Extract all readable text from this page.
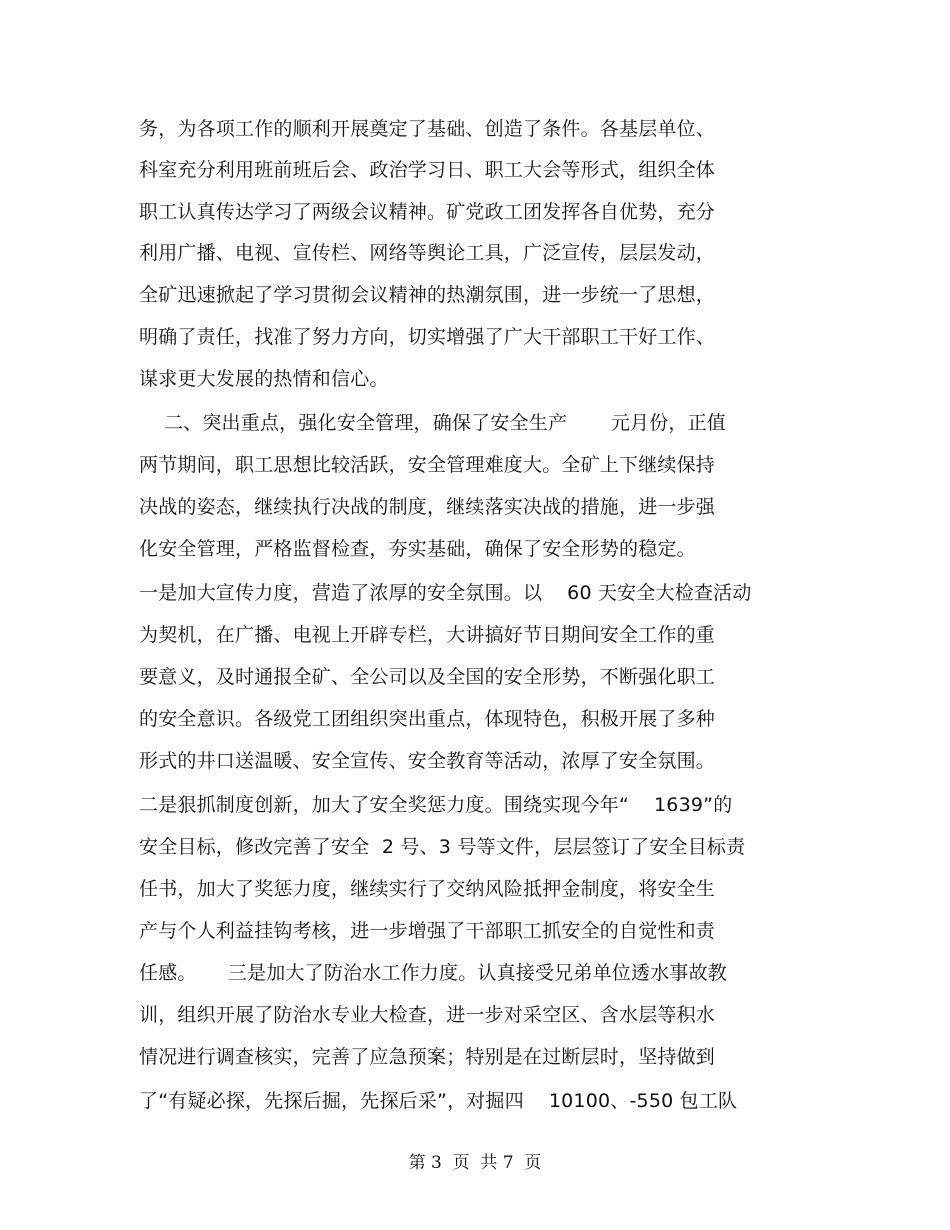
务，为各项工作的顺利开展奠定了基础、创造了条件。各基层单位、
科室充分利用班前班后会、政治学习日、职工大会等形式，组织全体
职工认真传达学习了两级会议精神。矿党政工团发挥各自优势，充分
利用广播、电视、宣传栏、网络等舆论工具，广泛宣传，层层发动，
全矿迅速掀起了学习贯彻会议精神的热潮氛围，进一步统一了思想，
明确了责任，找准了努力方向，切实增强了广大干部职工干好工作、
谋求更大发展的热情和信心。
二、突出重点，强化安全管理，确保了安全生产       元月份，正值
两节期间，职工思想比较活跃，安全管理难度大。全矿上下继续保持
决战的姿态，继续执行决战的制度，继续落实决战的措施，进一步强
化安全管理，严格监督检查，夯实基础，确保了安全形势的稳定。
一是加大宣传力度，营造了浓厚的安全氛围。以    60 天安全大检查活动
为契机，在广播、电视上开辟专栏，大讲搞好节日期间安全工作的重
要意义，及时通报全矿、全公司以及全国的安全形势，不断强化职工
的安全意识。各级党工团组织突出重点，体现特色，积极开展了多种
形式的井口送温暖、安全宣传、安全教育等活动，浓厚了安全氛围。
二是狠抓制度创新，加大了安全奖惩力度。围绕实现今年“    1639”的
安全目标，修改完善了安全  2 号、3 号等文件，层层签订了安全目标责
任书，加大了奖惩力度，继续实行了交纳风险抵押金制度，将安全生
产与个人利益挂钩考核，进一步增强了干部职工抓安全的自觉性和责
任感。     三是加大了防治水工作力度。认真接受兄弟单位透水事故教
训，组织开展了防治水专业大检查，进一步对采空区、含水层等积水
情况进行调查核实，完善了应急预案；特别是在过断层时，坚持做到
了“有疑必探，先探后掘，先探后采”，对掘四    10100、-550 包工队
第 3  页  共 7  页
